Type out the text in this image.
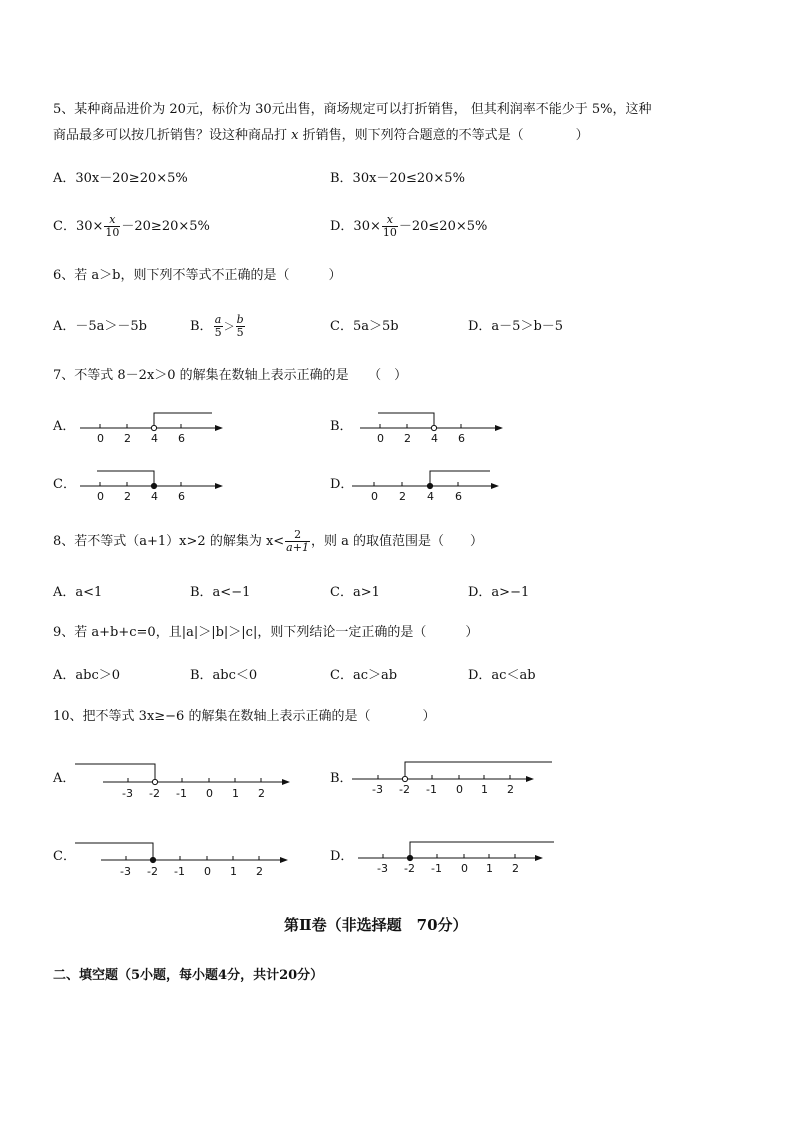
5、某种商品进价为 20元，标价为 30元出售，商场规定可以打折销售， 但其利润率不能少于 5%，这种
商品最多可以按几折销售？设这种商品打 x 折销售，则下列符合题意的不等式是（　　　　）
A．30x－20≥20×5%	B．30x－20≤20×5%
C．$30\times \frac{x}{10} -20\ge 20\times 5\%$	D．$30\times \frac{x}{10} -20\le 20\times 5\%$
6、若 a＞b，则下列不等式不正确的是（　　　）
A．－5a＞－5b	B． $\frac{a}{5} > \frac{b}{5}$	C．5a＞5b	D．a－5＞b－5
7、不等式 8－2x＞0 的解集在数轴上表示正确的是　　（　）
A．
0 2 4 6
B．
0 2 4 6
C．
0 2 4 6
D．
0 2 4 6
8、若不等式（a+1）x>2 的解集为 $x< \frac{2}{a+1}$ ，则 a 的取值范围是（　　）
A．a<1	B．a<−1	C．a>1	D．a>−1
9、若 a+b+c=0，且|a|＞|b|＞|c|，则下列结论一定正确的是（　　　）
A．abc＞0	B．abc＜0	C．ac＞ab	D．ac＜ab
10、把不等式 3x≥−6 的解集在数轴上表示正确的是（　　　　）
A．
-3 -2 -1 0 1 2
B．
-3 -2 -1 0 1 2
C．
-3 -2 -1 0 1 2
D．
-3 -2 -1 0 1 2
第Ⅱ卷（非选择题　70分）
二、填空题（5小题，每小题4分，共计20分）
